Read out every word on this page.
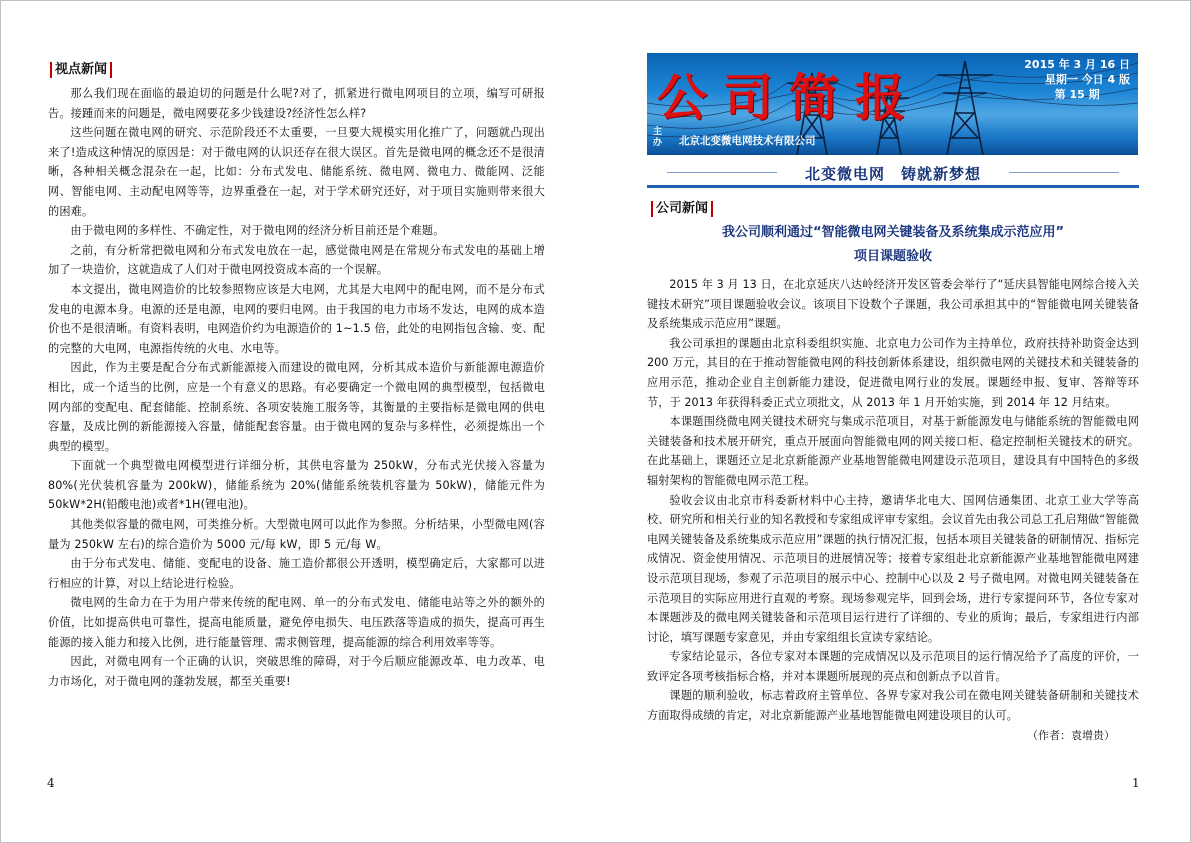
视点新闻

那么我们现在面临的最迫切的问题是什么呢?对了，抓紧进行微电网项目的立项，编写可研报告。接踵而来的问题是，微电网要花多少钱建设?经济性怎么样?

这些问题在微电网的研究、示范阶段还不太重要，一旦要大规模实用化推广了，问题就凸现出来了!造成这种情况的原因是：对于微电网的认识还存在很大误区。首先是微电网的概念还不是很清晰，各种相关概念混杂在一起，比如：分布式发电、储能系统、微电网、微电力、微能网、泛能网、智能电网、主动配电网等等，边界重叠在一起，对于学术研究还好，对于项目实施则带来很大的困难。

由于微电网的多样性、不确定性，对于微电网的经济分析目前还是个难题。

之前，有分析常把微电网和分布式发电放在一起，感觉微电网是在常规分布式发电的基础上增加了一块造价，这就造成了人们对于微电网投资成本高的一个误解。

本文提出，微电网造价的比较参照物应该是大电网，尤其是大电网中的配电网，而不是分布式发电的电源本身。电源的还是电源，电网的要归电网。由于我国的电力市场不发达，电网的成本造价也不是很清晰。有资料表明，电网造价约为电源造价的 1~1.5 倍，此处的电网指包含输、变、配的完整的大电网，电源指传统的火电、水电等。

因此，作为主要是配合分布式新能源接入而建设的微电网，分析其成本造价与新能源电源造价相比，成一个适当的比例，应是一个有意义的思路。有必要确定一个微电网的典型模型，包括微电网内部的变配电、配套储能、控制系统、各项安装施工服务等，其衡量的主要指标是微电网的供电容量，及成比例的新能源接入容量，储能配套容量。由于微电网的复杂与多样性，必须提炼出一个典型的模型。

下面就一个典型微电网模型进行详细分析，其供电容量为 250kW，分布式光伏接入容量为 80%(光伏装机容量为 200kW)，储能系统为 20%(储能系统装机容量为 50kW)，储能元件为 50kW*2H(铅酸电池)或者*1H(锂电池)。

其他类似容量的微电网，可类推分析。大型微电网可以此作为参照。分析结果，小型微电网(容量为 250kW 左右)的综合造价为 5000 元/每 kW，即 5 元/每 W。

由于分布式发电、储能、变配电的设备、施工造价都很公开透明，模型确定后，大家都可以进行相应的计算，对以上结论进行检验。

微电网的生命力在于为用户带来传统的配电网、单一的分布式发电、储能电站等之外的额外的价值，比如提高供电可靠性，提高电能质量，避免停电损失、电压跌落等造成的损失，提高可再生能源的接入能力和接入比例，进行能量管理、需求侧管理，提高能源的综合利用效率等等。

因此，对微电网有一个正确的认识，突破思维的障碍，对于今后顺应能源改革、电力改革、电力市场化，对于微电网的蓬勃发展，都至关重要!

4
公司简报
2015 年 3 月 16 日
星期一 今日 4 版
第 15 期
主办 北京北变微电网技术有限公司
北变微电网　铸就新梦想
公司新闻
我公司顺利通过“智能微电网关键装备及系统集成示范应用”
项目课题验收

2015 年 3 月 13 日，在北京延庆八达岭经济开发区管委会举行了“延庆县智能电网综合接入关键技术研究”项目课题验收会议。该项目下设数个子课题，我公司承担其中的“智能微电网关键装备及系统集成示范应用”课题。

我公司承担的课题由北京科委组织实施、北京电力公司作为主持单位，政府扶持补助资金达到 200 万元，其目的在于推动智能微电网的科技创新体系建设，组织微电网的关键技术和关键装备的应用示范，推动企业自主创新能力建设，促进微电网行业的发展。课题经申报、复审、答辩等环节，于 2013 年获得科委正式立项批文，从 2013 年 1 月开始实施，到 2014 年 12 月结束。

本课题围绕微电网关键技术研究与集成示范项目，对基于新能源发电与储能系统的智能微电网关键装备和技术展开研究，重点开展面向智能微电网的网关接口柜、稳定控制柜关键技术的研究。在此基础上，课题还立足北京新能源产业基地智能微电网建设示范项目，建设具有中国特色的多级辐射架构的智能微电网示范工程。

验收会议由北京市科委新材料中心主持，邀请华北电大、国网信通集团、北京工业大学等高校、研究所和相关行业的知名教授和专家组成评审专家组。会议首先由我公司总工孔启翔做“智能微电网关键装备及系统集成示范应用”课题的执行情况汇报，包括本项目关键装备的研制情况、指标完成情况、资金使用情况、示范项目的进展情况等；接着专家组赴北京新能源产业基地智能微电网建设示范项目现场，参观了示范项目的展示中心、控制中心以及 2 号子微电网。对微电网关键装备在示范项目的实际应用进行直观的考察。现场参观完毕，回到会场，进行专家提问环节，各位专家对本课题涉及的微电网关键装备和示范项目运行进行了详细的、专业的质询；最后，专家组进行内部讨论，填写课题专家意见，并由专家组组长宣读专家结论。

专家结论显示，各位专家对本课题的完成情况以及示范项目的运行情况给予了高度的评价，一致评定各项考核指标合格，并对本课题所展现的亮点和创新点予以首肯。

课题的顺利验收，标志着政府主管单位、各界专家对我公司在微电网关键装备研制和关键技术方面取得成绩的肯定，对北京新能源产业基地智能微电网建设项目的认可。

（作者：袁增贵）
1
